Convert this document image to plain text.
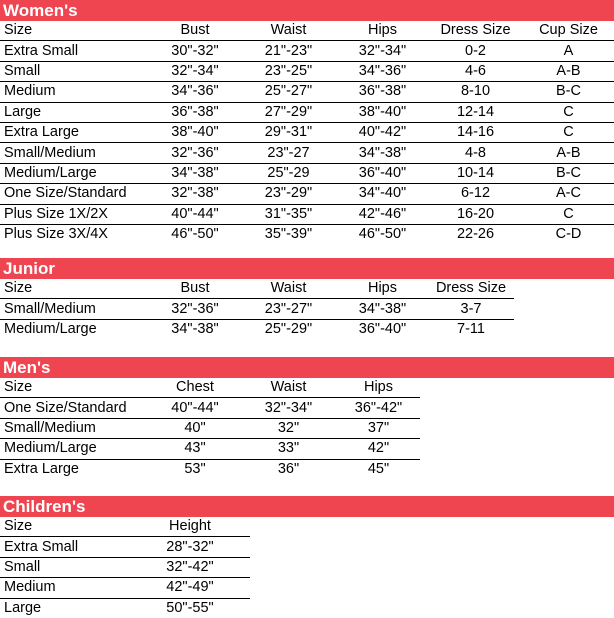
Women's
Size	Bust	Waist	Hips	Dress Size	Cup Size
Extra Small	30"-32"	21"-23"	32"-34"	0-2	A
Small	32"-34"	23"-25"	34"-36"	4-6	A-B
Medium	34"-36"	25"-27"	36"-38"	8-10	B-C
Large	36"-38"	27"-29"	38"-40"	12-14	C
Extra Large	38"-40"	29"-31"	40"-42"	14-16	C
Small/Medium	32"-36"	23"-27	34"-38"	4-8	A-B
Medium/Large	34"-38"	25"-29	36"-40"	10-14	B-C
One Size/Standard	32"-38"	23"-29"	34"-40"	6-12	A-C
Plus Size 1X/2X	40"-44"	31"-35"	42"-46"	16-20	C
Plus Size 3X/4X	46"-50"	35"-39"	46"-50"	22-26	C-D
Junior
Size	Bust	Waist	Hips	Dress Size
Small/Medium	32"-36"	23"-27"	34"-38"	3-7
Medium/Large	34"-38"	25"-29"	36"-40"	7-11
Men's
Size	Chest	Waist	Hips
One Size/Standard	40"-44"	32"-34"	36"-42"
Small/Medium	40"	32"	37"
Medium/Large	43"	33"	42"
Extra Large	53"	36"	45"
Children's
Size	Height
Extra Small	28"-32"
Small	32"-42"
Medium	42"-49"
Large	50"-55"
